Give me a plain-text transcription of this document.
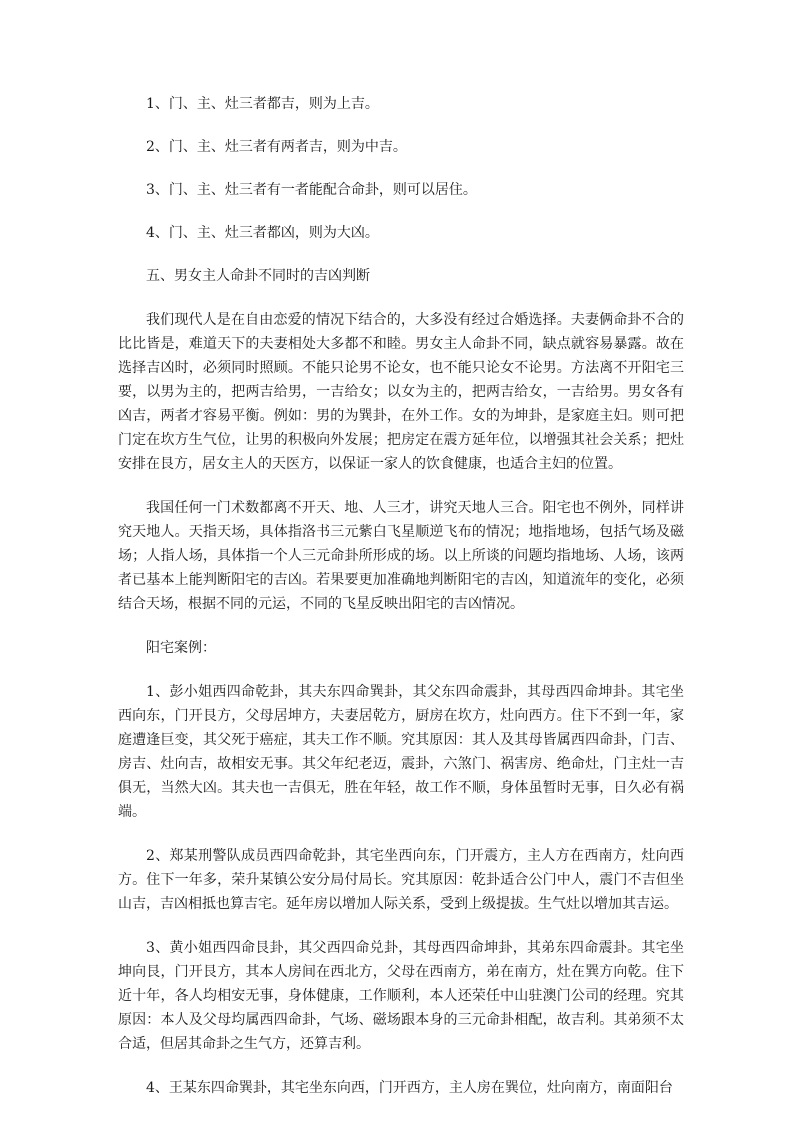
1、门、主、灶三者都吉，则为上吉。

2、门、主、灶三者有两者吉，则为中吉。

3、门、主、灶三者有一者能配合命卦，则可以居住。

4、门、主、灶三者都凶，则为大凶。

五、男女主人命卦不同时的吉凶判断

我们现代人是在自由恋爱的情况下结合的，大多没有经过合婚选择。夫妻俩命卦不合的比比皆是，难道天下的夫妻相处大多都不和睦。男女主人命卦不同，缺点就容易暴露。故在选择吉凶时，必须同时照顾。不能只论男不论女，也不能只论女不论男。方法离不开阳宅三要，以男为主的，把两吉给男，一吉给女；以女为主的，把两吉给女，一吉给男。男女各有凶吉，两者才容易平衡。例如：男的为巽卦，在外工作。女的为坤卦，是家庭主妇。则可把门定在坎方生气位，让男的积极向外发展；把房定在震方延年位，以增强其社会关系；把灶安排在艮方，居女主人的天医方，以保证一家人的饮食健康，也适合主妇的位置。

我国任何一门术数都离不开天、地、人三才，讲究天地人三合。阳宅也不例外，同样讲究天地人。天指天场，具体指洛书三元紫白飞星顺逆飞布的情况；地指地场，包括气场及磁场；人指人场，具体指一个人三元命卦所形成的场。以上所谈的问题均指地场、人场，该两者已基本上能判断阳宅的吉凶。若果要更加准确地判断阳宅的吉凶，知道流年的变化，必须结合天场，根据不同的元运，不同的飞星反映出阳宅的吉凶情况。

阳宅案例：

1、彭小姐西四命乾卦，其夫东四命巽卦，其父东四命震卦，其母西四命坤卦。其宅坐西向东，门开艮方，父母居坤方，夫妻居乾方，厨房在坎方，灶向西方。住下不到一年，家庭遭逢巨变，其父死于癌症，其夫工作不顺。究其原因：其人及其母皆属西四命卦，门吉、房吉、灶向吉，故相安无事。其父年纪老迈，震卦，六煞门、祸害房、绝命灶，门主灶一吉俱无，当然大凶。其夫也一吉俱无，胜在年轻，故工作不顺，身体虽暂时无事，日久必有祸端。

2、郑某刑警队成员西四命乾卦，其宅坐西向东，门开震方，主人方在西南方，灶向西方。住下一年多，荣升某镇公安分局付局长。究其原因：乾卦适合公门中人，震门不吉但坐山吉，吉凶相抵也算吉宅。延年房以增加人际关系，受到上级提拔。生气灶以增加其吉运。

3、黄小姐西四命艮卦，其父西四命兑卦，其母西四命坤卦，其弟东四命震卦。其宅坐坤向艮，门开艮方，其本人房间在西北方，父母在西南方，弟在南方，灶在巽方向乾。住下近十年，各人均相安无事，身体健康，工作顺利，本人还荣任中山驻澳门公司的经理。究其原因：本人及父母均属西四命卦，气场、磁场跟本身的三元命卦相配，故吉利。其弟须不太合适，但居其命卦之生气方，还算吉利。

4、王某东四命巽卦，其宅坐东向西，门开西方，主人房在巽位，灶向南方，南面阳台
